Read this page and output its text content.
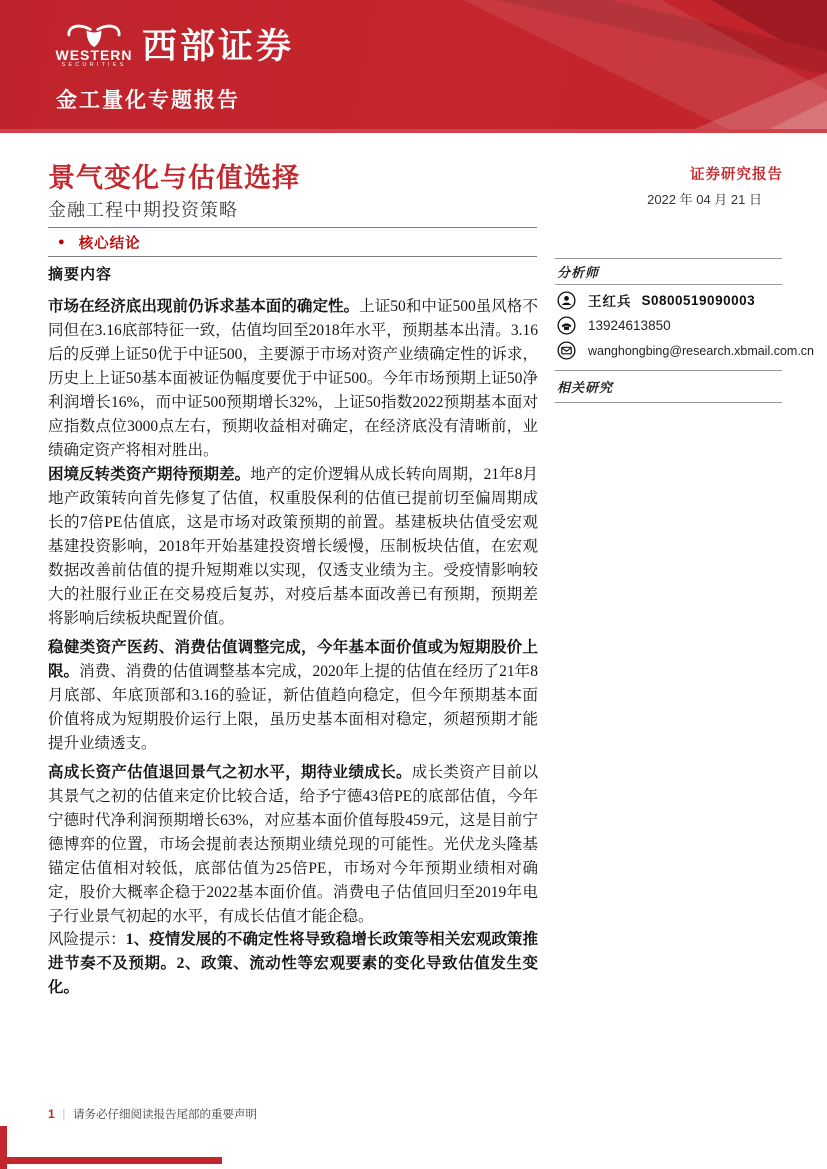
WESTERN
SECURITIES 西部证券
金工量化专题报告
景气变化与估值选择
金融工程中期投资策略
证券研究报告
2022 年 04 月 21 日
● 核心结论
摘要内容

市场在经济底出现前仍诉求基本面的确定性。上证50和中证500虽风格不同但在3.16底部特征一致，估值均回至2018年水平，预期基本出清。3.16后的反弹上证50优于中证500，主要源于市场对资产业绩确定性的诉求，历史上上证50基本面被证伪幅度要优于中证500。今年市场预期上证50净利润增长16%，而中证500预期增长32%，上证50指数2022预期基本面对应指数点位3000点左右，预期收益相对确定，在经济底没有清晰前，业绩确定资产将相对胜出。

困境反转类资产期待预期差。地产的定价逻辑从成长转向周期，21年8月地产政策转向首先修复了估值，权重股保利的估值已提前切至偏周期成长的7倍PE估值底，这是市场对政策预期的前置。基建板块估值受宏观基建投资影响，2018年开始基建投资增长缓慢，压制板块估值，在宏观数据改善前估值的提升短期难以实现，仅透支业绩为主。受疫情影响较大的社服行业正在交易疫后复苏，对疫后基本面改善已有预期，预期差将影响后续板块配置价值。

稳健类资产医药、消费估值调整完成，今年基本面价值或为短期股价上限。消费、消费的估值调整基本完成，2020年上提的估值在经历了21年8月底部、年底顶部和3.16的验证，新估值趋向稳定，但今年预期基本面价值将成为短期股价运行上限，虽历史基本面相对稳定，须超预期才能提升业绩透支。

高成长资产估值退回景气之初水平，期待业绩成长。成长类资产目前以其景气之初的估值来定价比较合适，给予宁德43倍PE的底部估值，今年宁德时代净利润预期增长63%，对应基本面价值每股459元，这是目前宁德博弈的位置，市场会提前表达预期业绩兑现的可能性。光伏龙头隆基锚定估值相对较低，底部估值为25倍PE，市场对今年预期业绩相对确定，股价大概率企稳于2022基本面价值。消费电子估值回归至2019年电子行业景气初起的水平，有成长估值才能企稳。

风险提示：1、疫情发展的不确定性将导致稳增长政策等相关宏观政策推进节奏不及预期。2、政策、流动性等宏观要素的变化导致估值发生变化。

分析师
王红兵 S0800519090003
13924613850
wanghongbing@research.xbmail.com.cn
相关研究
1 | 请务必仔细阅读报告尾部的重要声明
